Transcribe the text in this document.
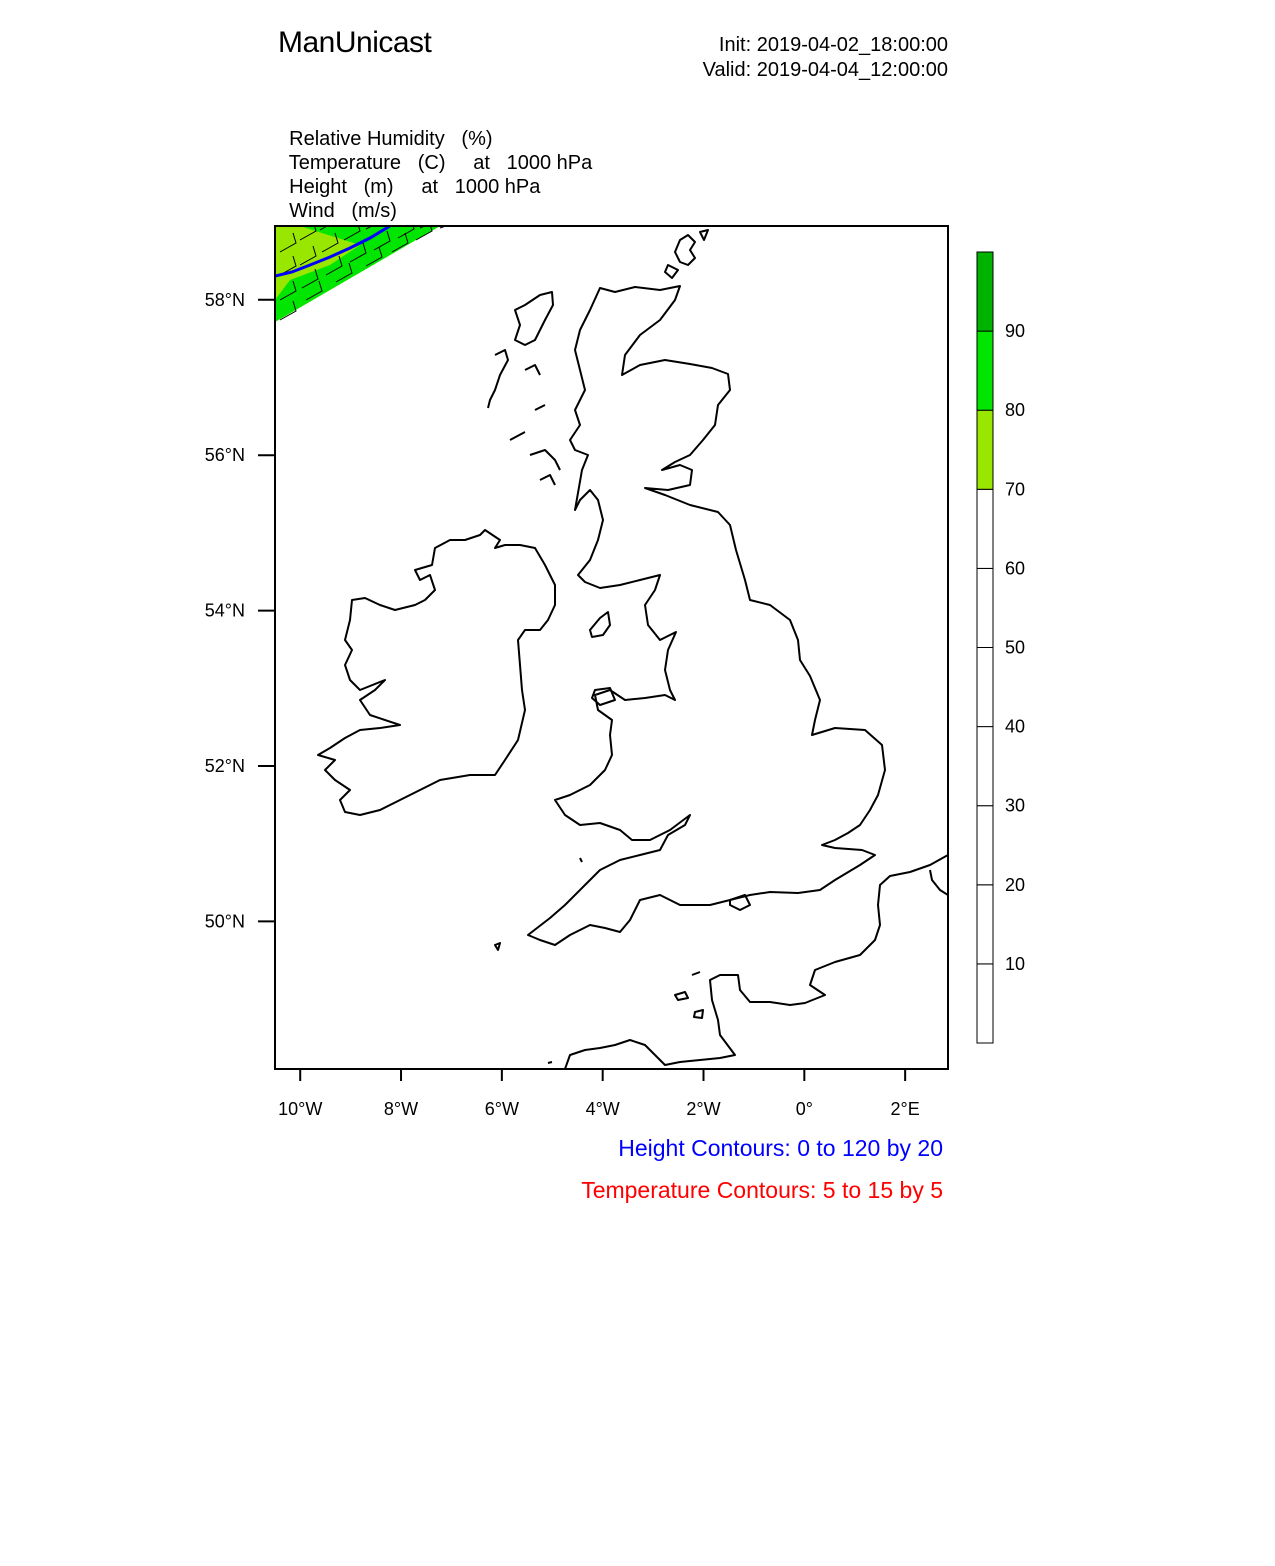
ManUnicast	Init: 2019-04-02_18:00:00
Valid: 2019-04-04_12:00:00

Relative Humidity (%)

Temperature (C) at   1000 hPa

Height (m) at   1000 hPa

Wind (m/s)

10°W	8°W	6°W	4°W	2°W	0°	2°E
50°N
52°N
54°N
56°N
58°N
10
20
30
40
50
60
70
80
90
Height Contours: 0 to 120 by 20
Temperature Contours: 5 to 15 by 5
